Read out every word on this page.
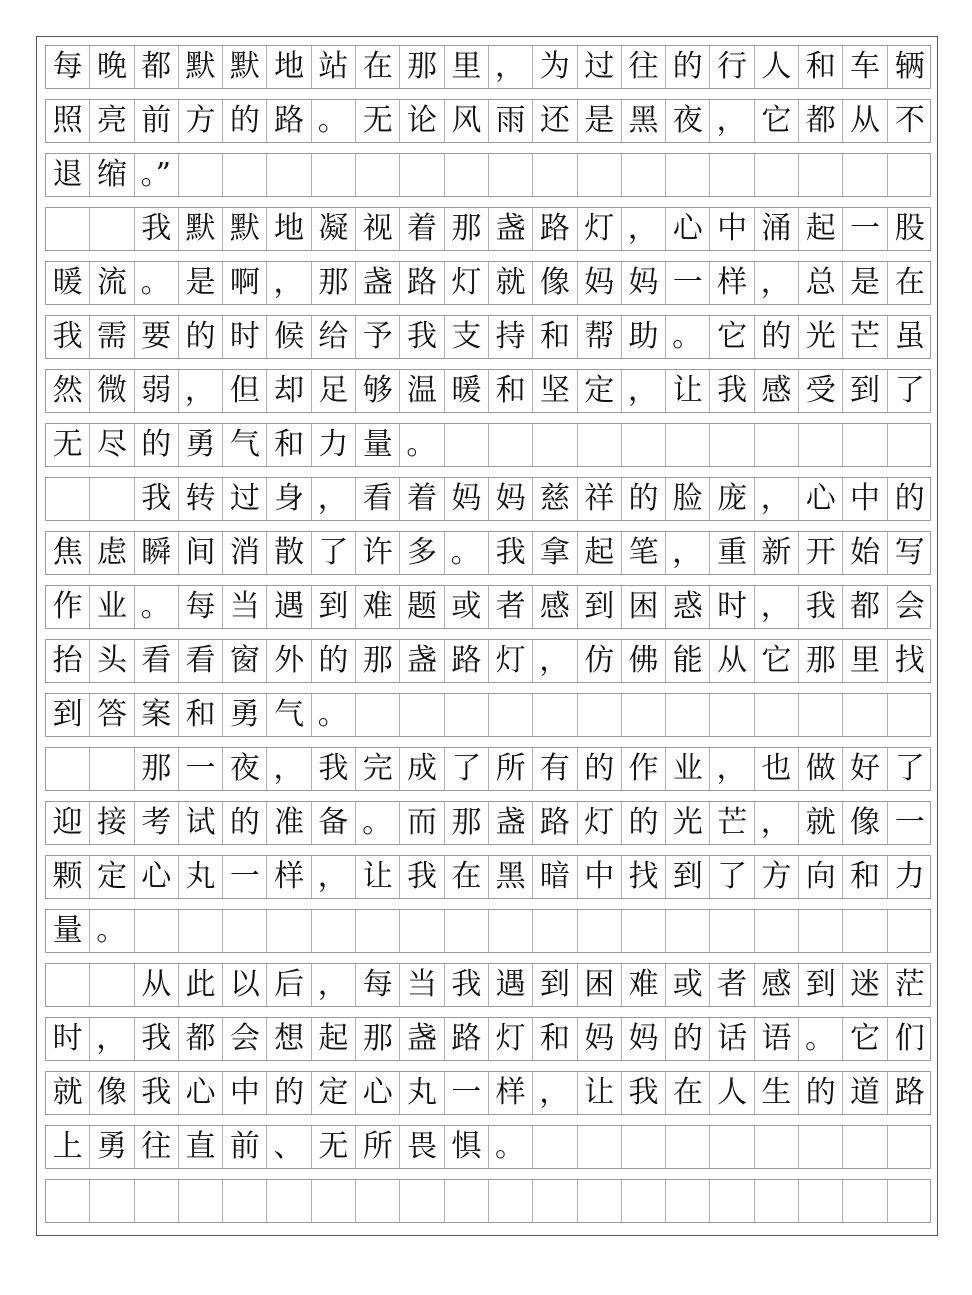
每 晚 都 默 默 地 站 在 那 里 ， 为 过 往 的 行 人 和 车 辆
照 亮 前 方 的 路 。 无 论 风 雨 还 是 黑 夜 ， 它 都 从 不
退 缩 。”
我 默 默 地 凝 视 着 那 盏 路 灯 ， 心 中 涌 起 一 股
暖 流 。 是 啊 ， 那 盏 路 灯 就 像 妈 妈 一 样 ， 总 是 在
我 需 要 的 时 候 给 予 我 支 持 和 帮 助 。 它 的 光 芒 虽
然 微 弱 ， 但 却 足 够 温 暖 和 坚 定 ， 让 我 感 受 到 了
无 尽 的 勇 气 和 力 量 。
我 转 过 身 ， 看 着 妈 妈 慈 祥 的 脸 庞 ， 心 中 的
焦 虑 瞬 间 消 散 了 许 多 。 我 拿 起 笔 ， 重 新 开 始 写
作 业 。 每 当 遇 到 难 题 或 者 感 到 困 惑 时 ， 我 都 会
抬 头 看 看 窗 外 的 那 盏 路 灯 ， 仿 佛 能 从 它 那 里 找
到 答 案 和 勇 气 。
那 一 夜 ， 我 完 成 了 所 有 的 作 业 ， 也 做 好 了
迎 接 考 试 的 准 备 。 而 那 盏 路 灯 的 光 芒 ， 就 像 一
颗 定 心 丸 一 样 ， 让 我 在 黑 暗 中 找 到 了 方 向 和 力
量 。
从 此 以 后 ， 每 当 我 遇 到 困 难 或 者 感 到 迷 茫
时 ， 我 都 会 想 起 那 盏 路 灯 和 妈 妈 的 话 语 。 它 们
就 像 我 心 中 的 定 心 丸 一 样 ， 让 我 在 人 生 的 道 路
上 勇 往 直 前 、 无 所 畏 惧 。
